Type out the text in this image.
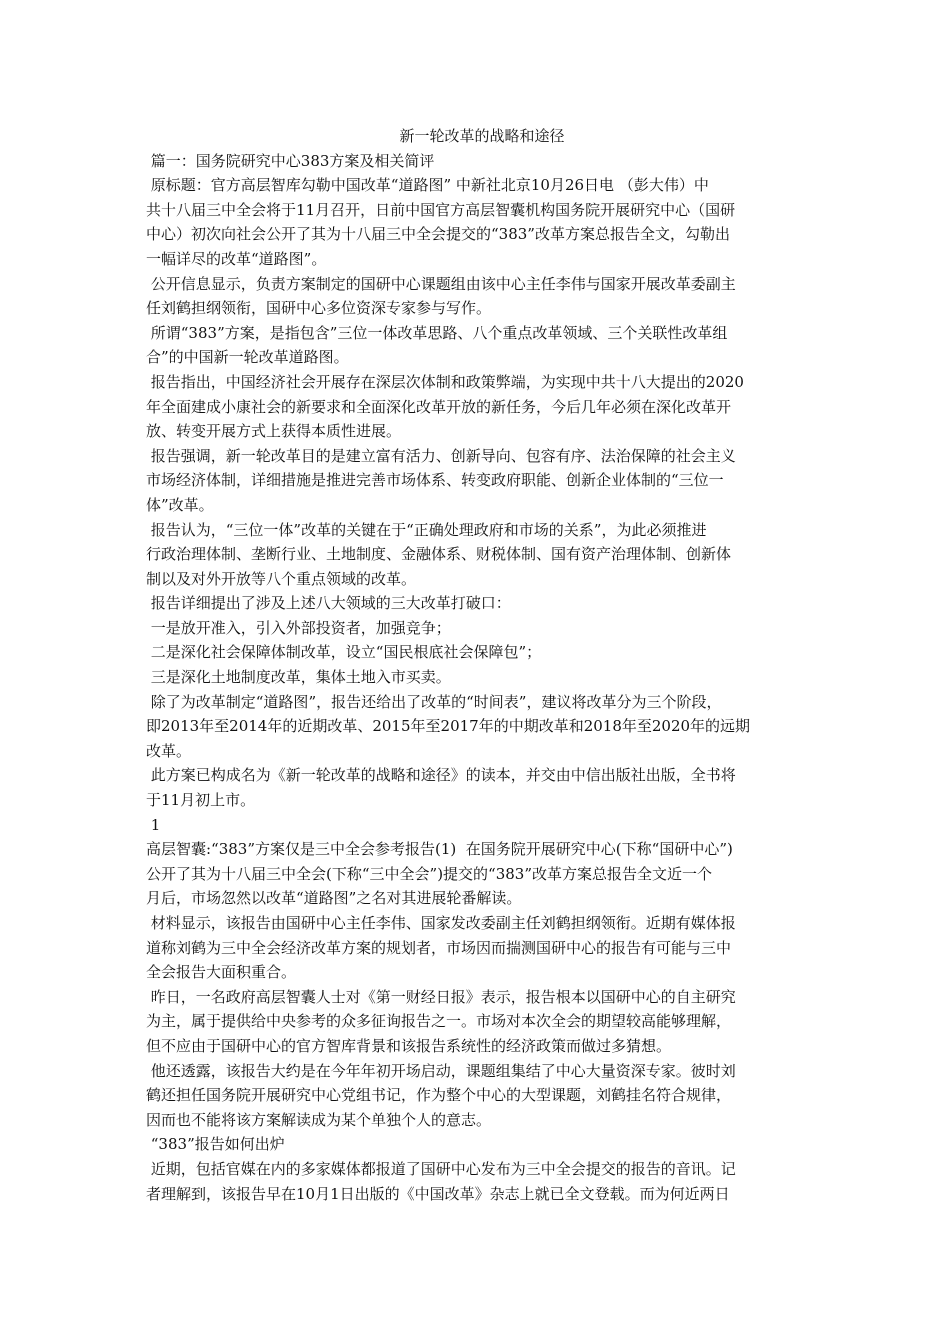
新一轮改革的战略和途径

篇一：国务院研究中心383方案及相关简评

原标题：官方高层智库勾勒中国改革“道路图” 中新社北京10月26日电 （彭大伟）中
共十八届三中全会将于11月召开，日前中国官方高层智囊机构国务院开展研究中心（国研
中心）初次向社会公开了其为十八届三中全会提交的“383”改革方案总报告全文，勾勒出
一幅详尽的改革“道路图”。

公开信息显示，负责方案制定的国研中心课题组由该中心主任李伟与国家开展改革委副主
任刘鹤担纲领衔，国研中心多位资深专家参与写作。

所谓“383”方案，是指包含”三位一体改革思路、八个重点改革领域、三个关联性改革组
合”的中国新一轮改革道路图。

报告指出，中国经济社会开展存在深层次体制和政策弊端，为实现中共十八大提出的2020
年全面建成小康社会的新要求和全面深化改革开放的新任务，今后几年必须在深化改革开
放、转变开展方式上获得本质性进展。

报告强调，新一轮改革目的是建立富有活力、创新导向、包容有序、法治保障的社会主义
市场经济体制，详细措施是推进完善市场体系、转变政府职能、创新企业体制的“三位一
体”改革。

报告认为，“三位一体”改革的关键在于“正确处理政府和市场的关系”，为此必须推进
行政治理体制、垄断行业、土地制度、金融体系、财税体制、国有资产治理体制、创新体
制以及对外开放等八个重点领域的改革。

报告详细提出了涉及上述八大领域的三大改革打破口：

一是放开准入，引入外部投资者，加强竞争；

二是深化社会保障体制改革，设立“国民根底社会保障包”；

三是深化土地制度改革，集体土地入市买卖。

除了为改革制定“道路图”，报告还给出了改革的“时间表”，建议将改革分为三个阶段，
即2013年至2014年的近期改革、2015年至2017年的中期改革和2018年至2020年的远期
改革。

此方案已构成名为《新一轮改革的战略和途径》的读本，并交由中信出版社出版，全书将
于11月初上市。

1

高层智囊:“383”方案仅是三中全会参考报告(1)  在国务院开展研究中心(下称“国研中心”)
公开了其为十八届三中全会(下称“三中全会”)提交的“383”改革方案总报告全文近一个
月后，市场忽然以改革“道路图”之名对其进展轮番解读。

材料显示，该报告由国研中心主任李伟、国家发改委副主任刘鹤担纲领衔。近期有媒体报
道称刘鹤为三中全会经济改革方案的规划者，市场因而揣测国研中心的报告有可能与三中
全会报告大面积重合。

昨日，一名政府高层智囊人士对《第一财经日报》表示，报告根本以国研中心的自主研究
为主，属于提供给中央参考的众多征询报告之一。市场对本次全会的期望较高能够理解，
但不应由于国研中心的官方智库背景和该报告系统性的经济政策而做过多猜想。

他还透露，该报告大约是在今年年初开场启动，课题组集结了中心大量资深专家。彼时刘
鹤还担任国务院开展研究中心党组书记，作为整个中心的大型课题，刘鹤挂名符合规律，
因而也不能将该方案解读成为某个单独个人的意志。

“383”报告如何出炉

近期，包括官媒在内的多家媒体都报道了国研中心发布为三中全会提交的报告的音讯。记
者理解到，该报告早在10月1日出版的《中国改革》杂志上就已全文登载。而为何近两日
